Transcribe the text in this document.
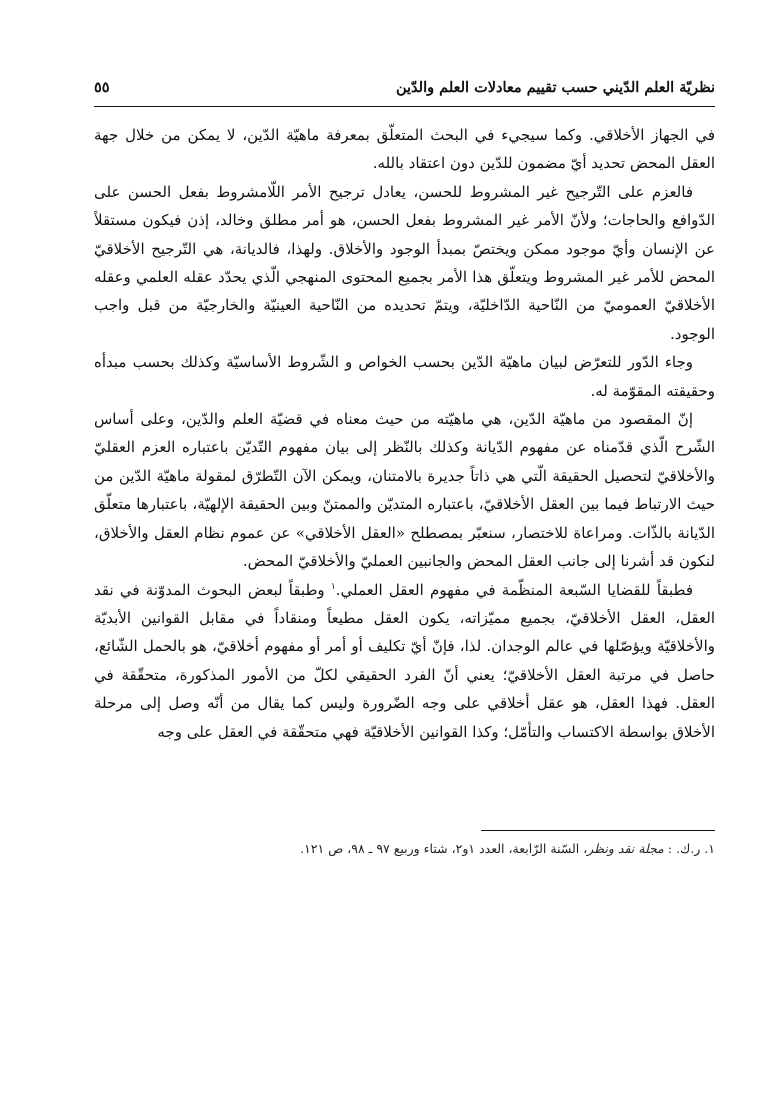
نظريّة العلم الدّيني حسب تقييم معادلات العلم والدّين
٥٥

في الجهاز الأخلاقي. وكما سيجيء في البحث المتعلّق بمعرفة ماهيّة الدّين، لا يمكن من خلال جهة العقل المحض تحديد أيّ مضمون للدّين دون اعتقاد بالله.

فالعزم على التّرجيح غير المشروط للحسن، يعادل ترجيح الأمر اللّامشروط بفعل الحسن على الدّوافع والحاجات؛ ولأنّ الأمر غير المشروط بفعل الحسن، هو أمر مطلق وخالد، إذن فيكون مستقلاً عن الإنسان وأيّ موجود ممكن ويختصّ بمبدأ الوجود والأخلاق. ولهذا، فالديانة، هي التّرجيح الأخلاقيّ المحض للأمر غير المشروط ويتعلّق هذا الأمر بجميع المحتوى المنهجي الّذي يحدّد عقله العلمي وعقله الأخلاقيّ العموميّ من النّاحية الدّاخليّة، ويتمّ تحديده من النّاحية العينيّة والخارجيّة من قبل واجب الوجود.

وجاء الدّور للتعرّض لبيان ماهيّة الدّين بحسب الخواص و الشّروط الأساسيّة وكذلك بحسب مبدأه وحقيقته المقوّمة له.

إنّ المقصود من ماهيّة الدّين، هي ماهيّته من حيث معناه في قضيّة العلم والدّين، وعلى أساس الشّرح الّذي قدّمناه عن مفهوم الدّيانة وكذلك بالنّظر إلى بيان مفهوم التّديّن باعتباره العزم العقليّ والأخلاقيّ لتحصيل الحقيقة الّتي هي ذاتاً جديرة بالامتنان، ويمكن الآن التّطرّق لمقولة ماهيّة الدّين من حيث الارتباط فيما بين العقل الأخلاقيّ، باعتباره المتديّن والممتنّ وبين الحقيقة الإلهيّة، باعتبارها متعلّق الدّيانة بالذّات. ومراعاة للاختصار، سنعبّر بمصطلح «العقل الأخلاقي» عن عموم نظام العقل والأخلاق، لنكون قد أشرنا إلى جانب العقل المحض والجانبين العمليّ والأخلاقيّ المحض.

فطبقاً للقضايا السّبعة المنظّمة في مفهوم العقل العملي.$^١$ وطبقاً لبعض البحوث المدوّنة في نقد العقل، العقل الأخلاقيّ، بجميع مميّزاته، يكون العقل مطيعاً ومنقاداً في مقابل القوانين الأبديّة والأخلاقيّة ويؤصّلها في عالم الوجدان. لذا، فإنّ أيّ تكليف أو أمر أو مفهوم أخلاقيّ، هو بالحمل الشّائع، حاصل في مرتبة العقل الأخلاقيّ؛ يعني أنّ الفرد الحقيقي لكلّ من الأمور المذكورة، متحقّقة في العقل. فهذا العقل، هو عقل أخلاقي على وجه الضّرورة وليس كما يقال من أنّه وصل إلى مرحلة الأخلاق بواسطة الاكتساب والتأمّل؛ وكذا القوانين الأخلاقيّة فهي متحقّقة في العقل على وجه

١. ر.ك. : مجلة نقد ونظر، السّنة الرّابعة، العدد ١و٢، شتاء وربيع ٩٧ ـ ٩٨، ص ١٢١.
